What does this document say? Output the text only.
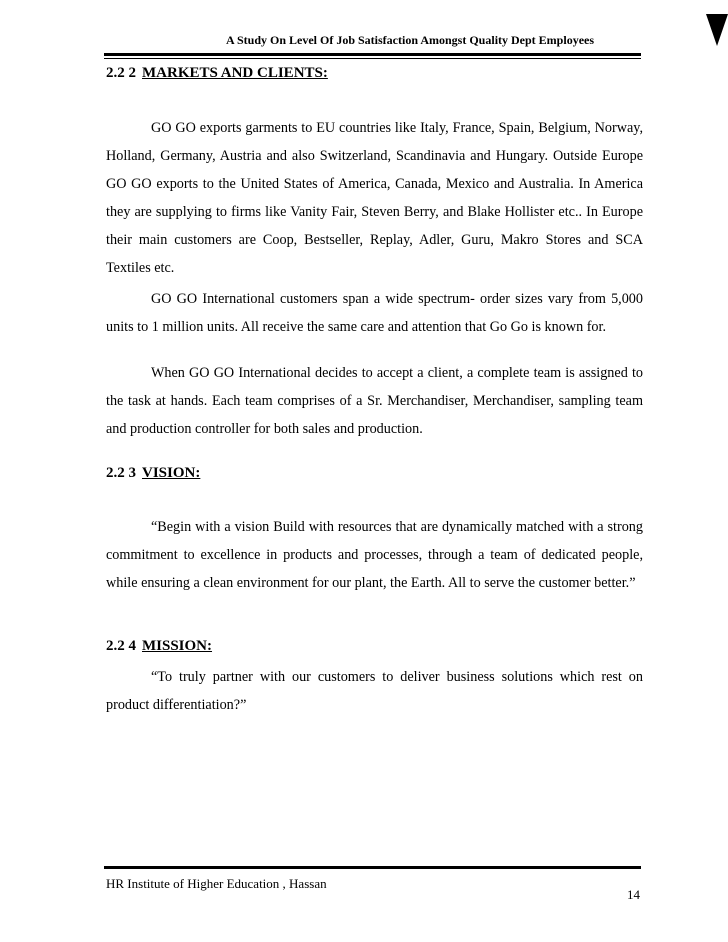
A Study On Level Of Job Satisfaction Amongst Quality Dept Employees
2.2 2 MARKETS AND CLIENTS:

GO GO exports garments to EU countries like Italy, France, Spain, Belgium, Norway, Holland, Germany, Austria and also Switzerland, Scandinavia and Hungary. Outside Europe GO GO exports to the United States of America, Canada, Mexico and Australia. In America they are supplying to firms like Vanity Fair, Steven Berry, and Blake Hollister etc.. In Europe their main customers are Coop, Bestseller, Replay, Adler, Guru, Makro Stores and SCA Textiles etc.

GO GO International customers span a wide spectrum- order sizes vary from 5,000 units to 1 million units. All receive the same care and attention that Go Go is known for.

When GO GO International decides to accept a client, a complete team is assigned to the task at hands. Each team comprises of a Sr. Merchandiser, Merchandiser, sampling team and production controller for both sales and production.

2.2 3 VISION:

“Begin with a vision Build with resources that are dynamically matched with a strong commitment to excellence in products and processes, through a team of dedicated people, while ensuring a clean environment for our plant, the Earth. All to serve the customer better.”

2.2 4 MISSION:

“To truly partner with our customers to deliver business solutions which rest on product differentiation?”

HR Institute of Higher Education , Hassan
14
